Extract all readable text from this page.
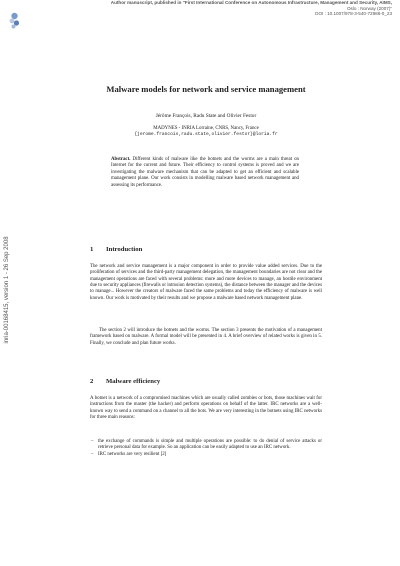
Author manuscript, published in "First International Conference on Autonomous Infrastructure, Management and Security, AIMS,
Oslo : Norway (2007)"
DOI : 10.1007/978-3-540-72986-0_23
inria-00168415, version 1 - 26 Sep 2008
Malware models for network and service management
Jérôme François, Radu State and Olivier Festor
MADYNES - INRIA Lorraine, CNRS, Nancy, France
{jerome.francois,radu.state,olivier.festor}@loria.fr
Abstract. Different kinds of malware like the botnets and the worms are a main threat on Internet for the current and future. Their efficiency to control systems is proved and we are investigating the malware mechanism that can be adapted to get an efficient and scalable management plane. Our work consists in modelling malware based network management and assessing its performance.
1 Introduction

The network and service management is a major component in order to provide value added services. Due to the proliferation of services and the third-party management delegation, the management boundaries are not clear and the management operations are faced with several problems: more and more devices to manage, an hostile environment due to security appliances (firewalls or intrusion detection systems), the distance between the manager and the devices to manage... However the creators of malware faced the same problems and today the efficiency of malware is well known. Our work is motivated by their results and we propose a malware based network management plane.

The section 2 will introduce the botnets and the worms. The section 3 presents the motivation of a management framework based on malware. A formal model will be presented in 4. A brief overview of related works is given in 5. Finally, we conclude and plan future works.

2 Malware efficiency

A botnet is a network of a compromised machines which are usually called zombies or bots, those machines wait for instructions from the master (the hacker) and perform operations on behalf of the latter. IRC networks are a well-known way to send a command on a channel to all the bots. We are very interesting in the botnets using IRC networks for three main reasons:

– the exchange of commands is simple and multiple operations are possible: to do denial of service attacks or retrieve personal data for example. So an application can be easily adapted to use an IRC network.
– IRC networks are very resilient [2]
